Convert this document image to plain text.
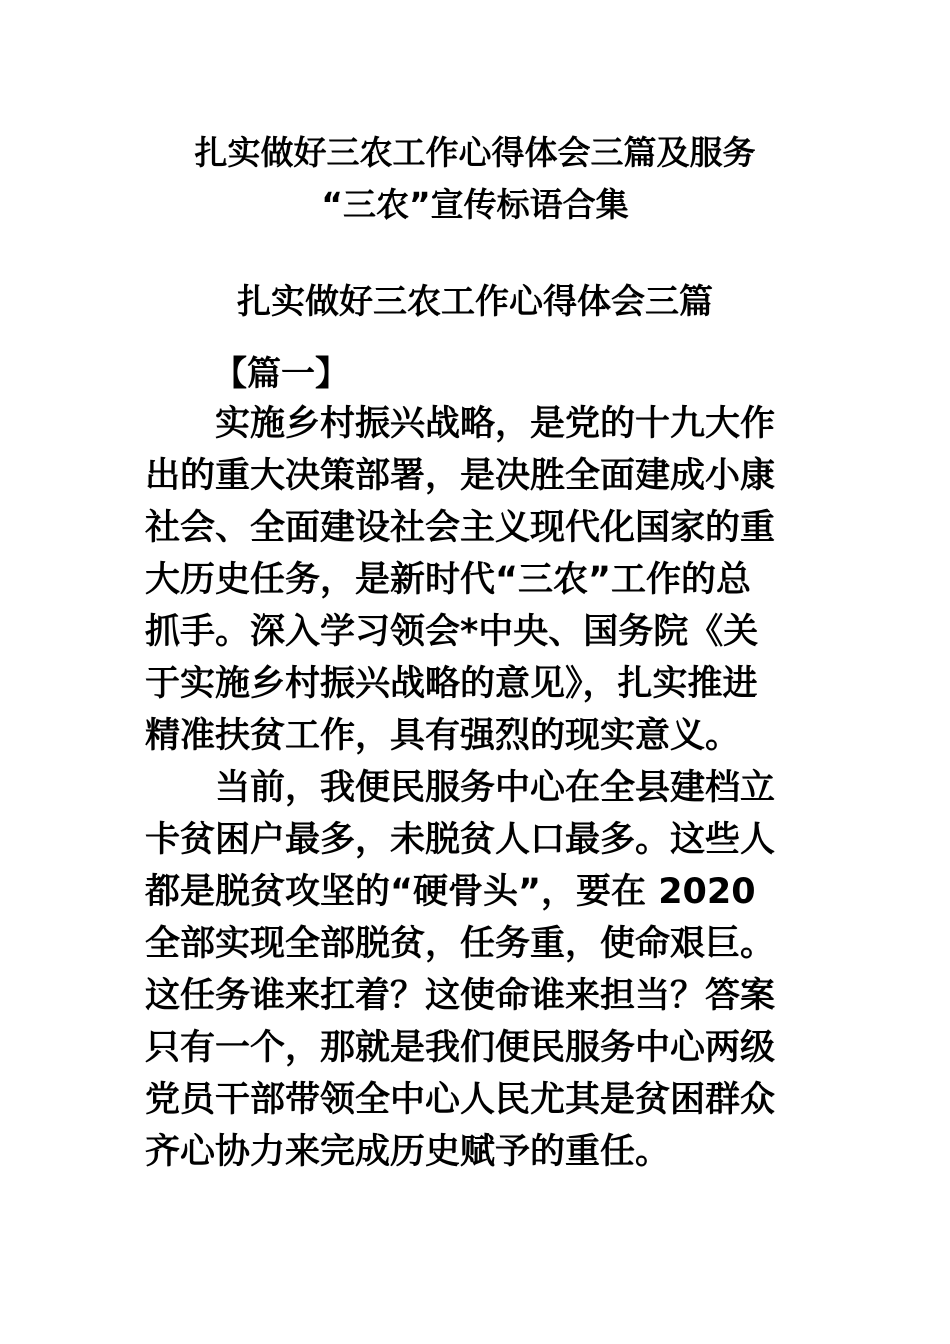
扎实做好三农工作心得体会三篇及服务
“三农”宣传标语合集
扎实做好三农工作心得体会三篇
【篇一】
　　实施乡村振兴战略，是党的十九大作
出的重大决策部署，是决胜全面建成小康
社会、全面建设社会主义现代化国家的重
大历史任务，是新时代“三农”工作的总
抓手。深入学习领会*中央、国务院《关
于实施乡村振兴战略的意见》，扎实推进
精准扶贫工作，具有强烈的现实意义。
　　当前，我便民服务中心在全县建档立
卡贫困户最多，未脱贫人口最多。这些人
都是脱贫攻坚的“硬骨头”，要在 2020
全部实现全部脱贫，任务重，使命艰巨。
这任务谁来扛着？这使命谁来担当？答案
只有一个，那就是我们便民服务中心两级
党员干部带领全中心人民尤其是贫困群众
齐心协力来完成历史赋予的重任。
